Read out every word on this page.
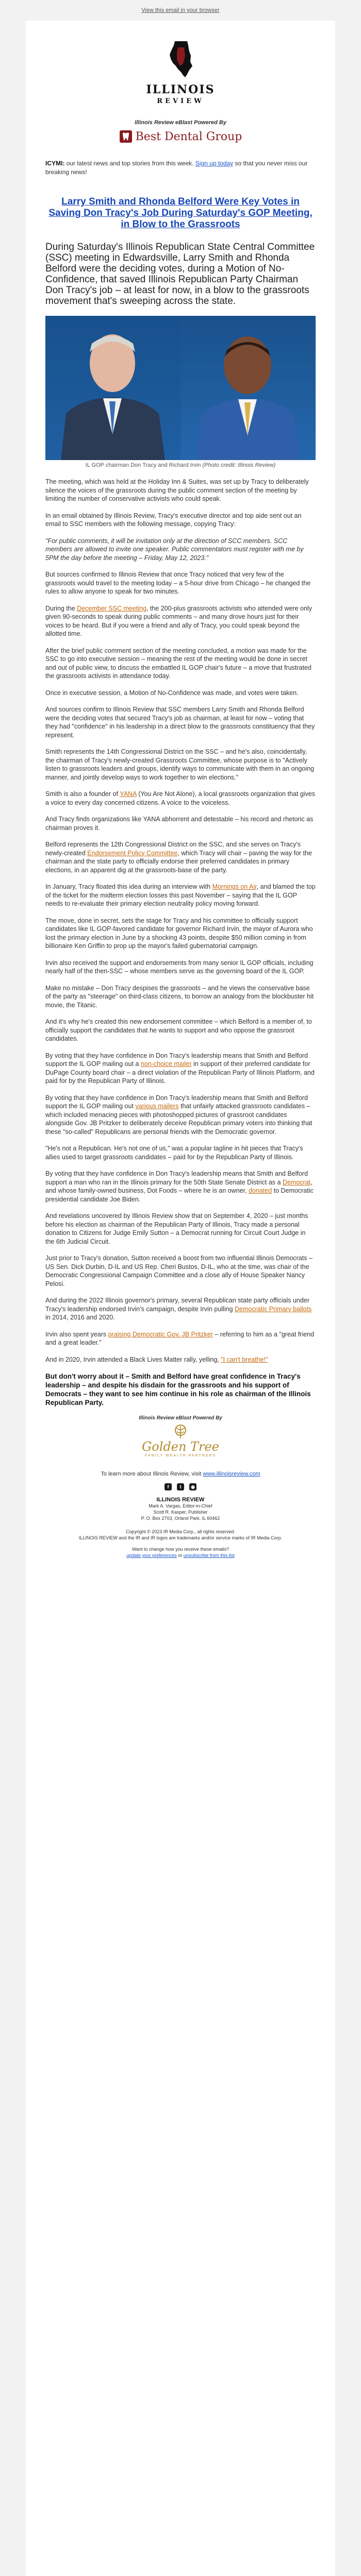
View this email in your browser
ILLINOIS
REVIEW
Illinois Review eBlast Powered By
Best Dental Group
ICYMI: our latest news and top stories from this week. Sign up today so that you never miss our breaking news!
Larry Smith and Rhonda Belford Were Key Votes in Saving Don Tracy's Job During Saturday's GOP Meeting, in Blow to the Grassroots
During Saturday's Illinois Republican State Central Committee (SSC) meeting in Edwardsville, Larry Smith and Rhonda Belford were the deciding votes, during a Motion of No-Confidence, that saved Illinois Republican Party Chairman Don Tracy's job – at least for now, in a blow to the grassroots movement that's sweeping across the state.
IL GOP chairman Don Tracy and Richard Irvin (Photo credit: Illinois Review)

The meeting, which was held at the Holiday Inn & Suites, was set up by Tracy to deliberately silence the voices of the grassroots during the public comment section of the meeting by limiting the number of conservative activists who could speak.

In an email obtained by Illinois Review, Tracy's executive director and top aide sent out an email to SSC members with the following message, copying Tracy:

"For public comments, it will be invitation only at the direction of SCC members. SCC members are allowed to invite one speaker. Public commentators must register with me by 5PM the day before the meeting – Friday, May 12, 2023."

But sources confirmed to Illinois Review that once Tracy noticed that very few of the grassroots would travel to the meeting today – a 5-hour drive from Chicago – he changed the rules to allow anyone to speak for two minutes.

During the December SSC meeting, the 200-plus grassroots activists who attended were only given 90-seconds to speak during public comments – and many drove hours just for their voices to be heard. But if you were a friend and ally of Tracy, you could speak beyond the allotted time.

After the brief public comment section of the meeting concluded, a motion was made for the SSC to go into executive session – meaning the rest of the meeting would be done in secret and out of public view, to discuss the embattled IL GOP chair's future – a move that frustrated the grassroots activists in attendance today.

Once in executive session, a Motion of No-Confidence was made, and votes were taken.

And sources confirm to Illinois Review that SSC members Larry Smith and Rhonda Belford were the deciding votes that secured Tracy's job as chairman, at least for now – voting that they had "confidence" in his leadership in a direct blow to the grassroots constituency that they represent.

Smith represents the 14th Congressional District on the SSC – and he's also, coincidentally, the chairman of Tracy's newly-created Grassroots Committee, whose purpose is to "Actively listen to grassroots leaders and groups, identify ways to communicate with them in an ongoing manner, and jointly develop ways to work together to win elections."

Smith is also a founder of YANA (You Are Not Alone), a local grassroots organization that gives a voice to every day concerned citizens. A voice to the voiceless.

And Tracy finds organizations like YANA abhorrent and detestable – his record and rhetoric as chairman proves it.

Belford represents the 12th Congressional District on the SSC, and she serves on Tracy's newly-created Endorsement Policy Committee, which Tracy will chair – paving the way for the chairman and the state party to officially endorse their preferred candidates in primary elections, in an apparent dig at the grassroots-base of the party.

In January, Tracy floated this idea during an interview with Mornings on Air, and blamed the top of the ticket for the midterm election losses this past November – saying that the IL GOP needs to re-evaluate their primary election neutrality policy moving forward.

The move, done in secret, sets the stage for Tracy and his committee to officially support candidates like IL GOP-favored candidate for governor Richard Irvin, the mayor of Aurora who lost the primary election in June by a shocking 43 points, despite $50 million coming in from billionaire Ken Griffin to prop up the mayor's failed gubernatorial campaign.

Irvin also received the support and endorsements from many senior IL GOP officials, including nearly half of the then-SSC – whose members serve as the governing board of the IL GOP.

Make no mistake – Don Tracy despises the grassroots – and he views the conservative base of the party as "steerage" on third-class citizens, to borrow an analogy from the blockbuster hit movie, the Titanic.

And it's why he's created this new endorsement committee – which Belford is a member of, to officially support the candidates that he wants to support and who oppose the grassroot candidates.

By voting that they have confidence in Don Tracy's leadership means that Smith and Belford support the IL GOP mailing out a non-choice mailer in support of their preferred candidate for DuPage County board chair – a direct violation of the Republican Party of Illinois Platform, and paid for by the Republican Party of Illinois.

By voting that they have confidence in Don Tracy's leadership means that Smith and Belford support the IL GOP mailing out various mailers that unfairly attacked grassroots candidates – which included menacing pieces with photoshopped pictures of grassroot candidates alongside Gov. JB Pritzker to deliberately deceive Republican primary voters into thinking that these "so-called" Republicans are personal friends with the Democratic governor.

"He's not a Republican. He's not one of us," was a popular tagline in hit pieces that Tracy's allies used to target grassroots candidates – paid for by the Republican Party of Illinois.

By voting that they have confidence in Don Tracy's leadership means that Smith and Belford support a man who ran in the Illinois primary for the 50th State Senate District as a Democrat, and whose family-owned business, Dot Foods – where he is an owner, donated to Democratic presidential candidate Joe Biden.

And revelations uncovered by Illinois Review show that on September 4, 2020 – just months before his election as chairman of the Republican Party of Illinois, Tracy made a personal donation to Citizens for Judge Emily Sutton – a Democrat running for Circuit Court Judge in the 6th Judicial Circuit.

Just prior to Tracy's donation, Sutton received a boost from two influential Illinois Democrats – US Sen. Dick Durbin, D-IL and US Rep. Cheri Bustos, D-IL, who at the time, was chair of the Democratic Congressional Campaign Committee and a close ally of House Speaker Nancy Pelosi.

And during the 2022 Illinois governor's primary, several Republican state party officials under Tracy's leadership endorsed Irvin's campaign, despite Irvin pulling Democratic Primary ballots in 2014, 2016 and 2020.

Irvin also spent years praising Democratic Gov. JB Pritzker – referring to him as a "great friend and a great leader."

And in 2020, Irvin attended a Black Lives Matter rally, yelling, "I can't breathe!"

But don't worry about it – Smith and Belford have great confidence in Tracy's leadership – and despite his disdain for the grassroots and his support of Democrats – they want to see him continue in his role as chairman of the Illinois Republican Party.

Illinois Review eBlast Powered By
Golden Tree
FAMILY WEALTH PARTNERS
To learn more about Illinois Review, visit www.illinoisreview.com
f	t	◉
ILLINOIS REVIEW
Mark A. Vargas, Editor-in-Chief
Scott R. Kasper, Publisher
P. O. Box 2703, Orland Park, IL 60462
Copyright © 2023 IR Media Corp., all rights reserved.
ILLINOIS REVIEW and the IR and IR logos are trademarks and/or service marks of IR Media Corp.
Want to change how you receive these emails?
update your preferences or unsubscribe from this list
